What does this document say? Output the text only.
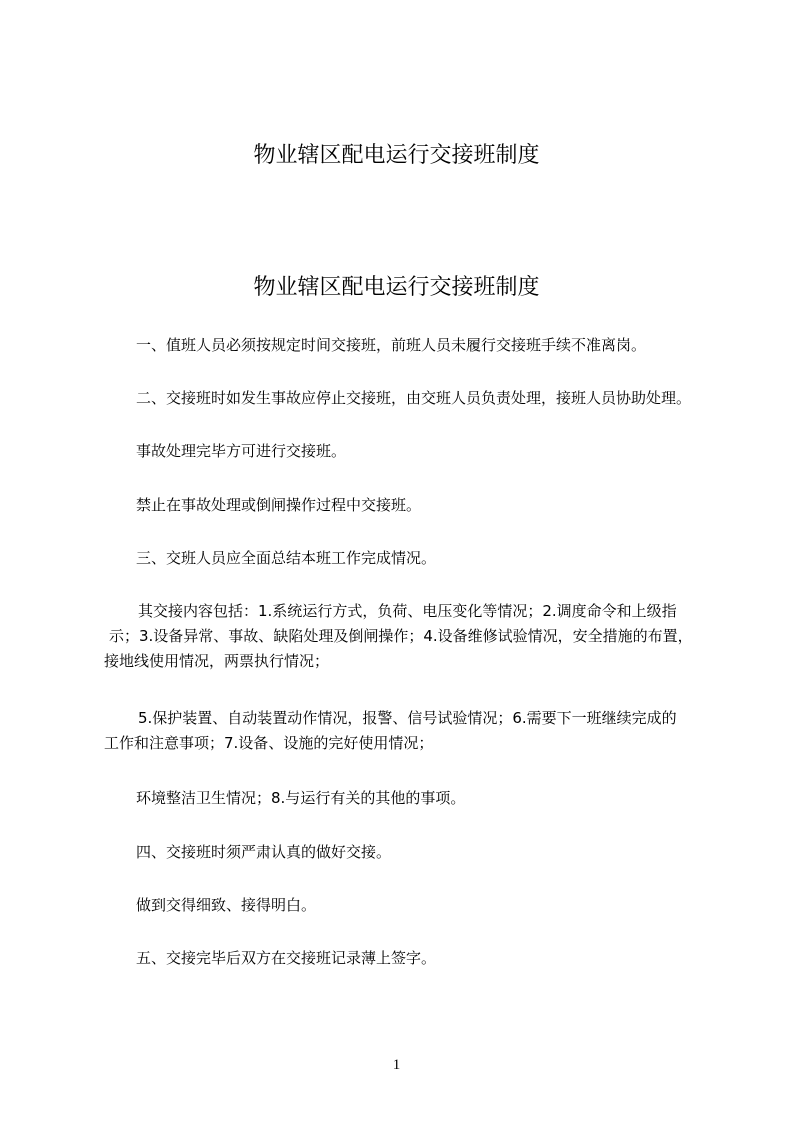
物业辖区配电运行交接班制度
物业辖区配电运行交接班制度

一、值班人员必须按规定时间交接班，前班人员未履行交接班手续不准离岗。

二、交接班时如发生事故应停止交接班，由交班人员负责处理，接班人员协助处理。

事故处理完毕方可进行交接班。

禁止在事故处理或倒闸操作过程中交接班。

三、交班人员应全面总结本班工作完成情况。

其交接内容包括：1.系统运行方式，负荷、电压变化等情况；2.调度命令和上级指
示；3.设备异常、事故、缺陷处理及倒闸操作；4.设备维修试验情况，安全措施的布置，
接地线使用情况，两票执行情况；
5.保护装置、自动装置动作情况，报警、信号试验情况；6.需要下一班继续完成的
工作和注意事项；7.设备、设施的完好使用情况；

环境整洁卫生情况；8.与运行有关的其他的事项。

四、交接班时须严肃认真的做好交接。

做到交得细致、接得明白。

五、交接完毕后双方在交接班记录薄上签字。

1
